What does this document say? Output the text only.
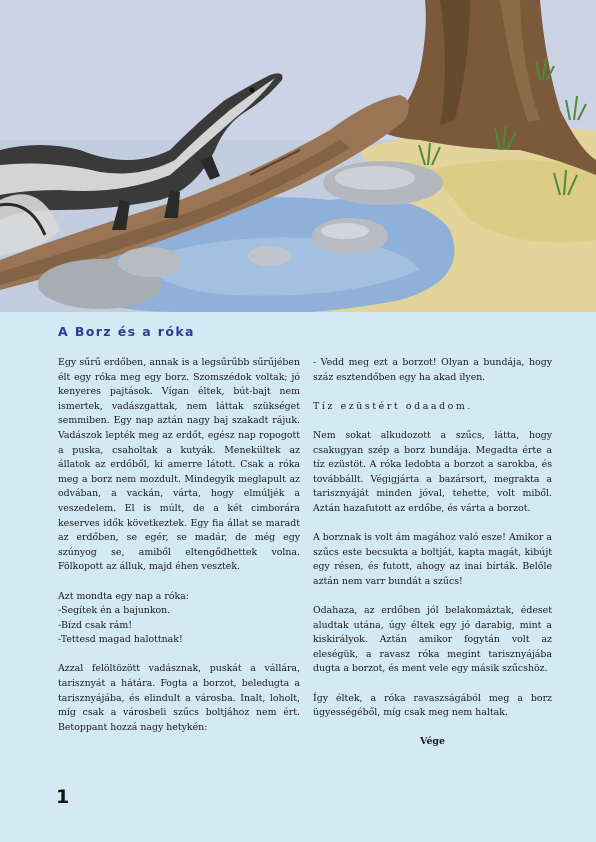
A Borz és a róka

Egy sűrű erdőben, annak is a legsűrűbb sűrűjében élt egy róka meg egy borz. Szomszédok voltak; jó kenyeres pajtások. Vígan éltek, bút-bajt nem ismertek, vadászgattak, nem láttak szükséget semmiben. Egy nap aztán nagy baj szakadt rájuk. Vadászok lepték meg az erdőt, egész nap ropogott a puska, csaholtak a kutyák. Menekültek az állatok az erdőből, ki amerre látott. Csak a róka meg a borz nem mozdult. Mindegyik meglapult az odvában, a vackán, várta, hogy elmúljék a veszedelem. El is múlt, de a két cimborára keserves idők következtek. Egy fia állat se maradt az erdőben, se egér, se madár, de még egy szúnyog se, amiből eltengődhettek volna. Fölkopott az álluk, majd éhen vesztek.

Azt mondta egy nap a róka:

-Segítek én a bajunkon.

-Bízd csak rám!

-Tettesd magad halottnak!

Azzal felöltözött vadásznak, puskát a vállára, tarisznyát a hátára. Fogta a borzot, beledugta a tarisznyájába, és elindult a városba. Inalt, loholt, míg csak a városbeli szűcs boltjához nem ért. Betoppant hozzá nagy hetykén:

- Vedd meg ezt a borzot! Olyan a bundája, hogy száz esztendőben egy ha akad ilyen.

Tíz ezüstért odaadom.

Nem sokat alkudozott a szűcs, látta, hogy csakugyan szép a borz bundája. Megadta érte a tíz ezüstöt. A róka ledobta a borzot a sarokba, és továbbállt. Végigjárta a bazársort, megrakta a tarisznyáját minden jóval, tehette, volt miből. Aztán hazafutott az erdőbe, és várta a borzot.

A borznak is volt ám magához való esze! Amikor a szűcs este becsukta a boltját, kapta magát, kibújt egy résen, és futott, ahogy az inai bírták. Belőle aztán nem varr bundát a szűcs!

Odahaza, az erdőben jól belakomáztak, édeset aludtak utána, úgy éltek egy jó darabig, mint a kiskirályok. Aztán amikor fogytán volt az eleségük, a ravasz róka megint tarisznyájába dugta a borzot, és ment vele egy másik szűcshöz.

Így éltek, a róka ravaszságából meg a borz ügyességéből, míg csak meg nem haltak.

Vége

1
